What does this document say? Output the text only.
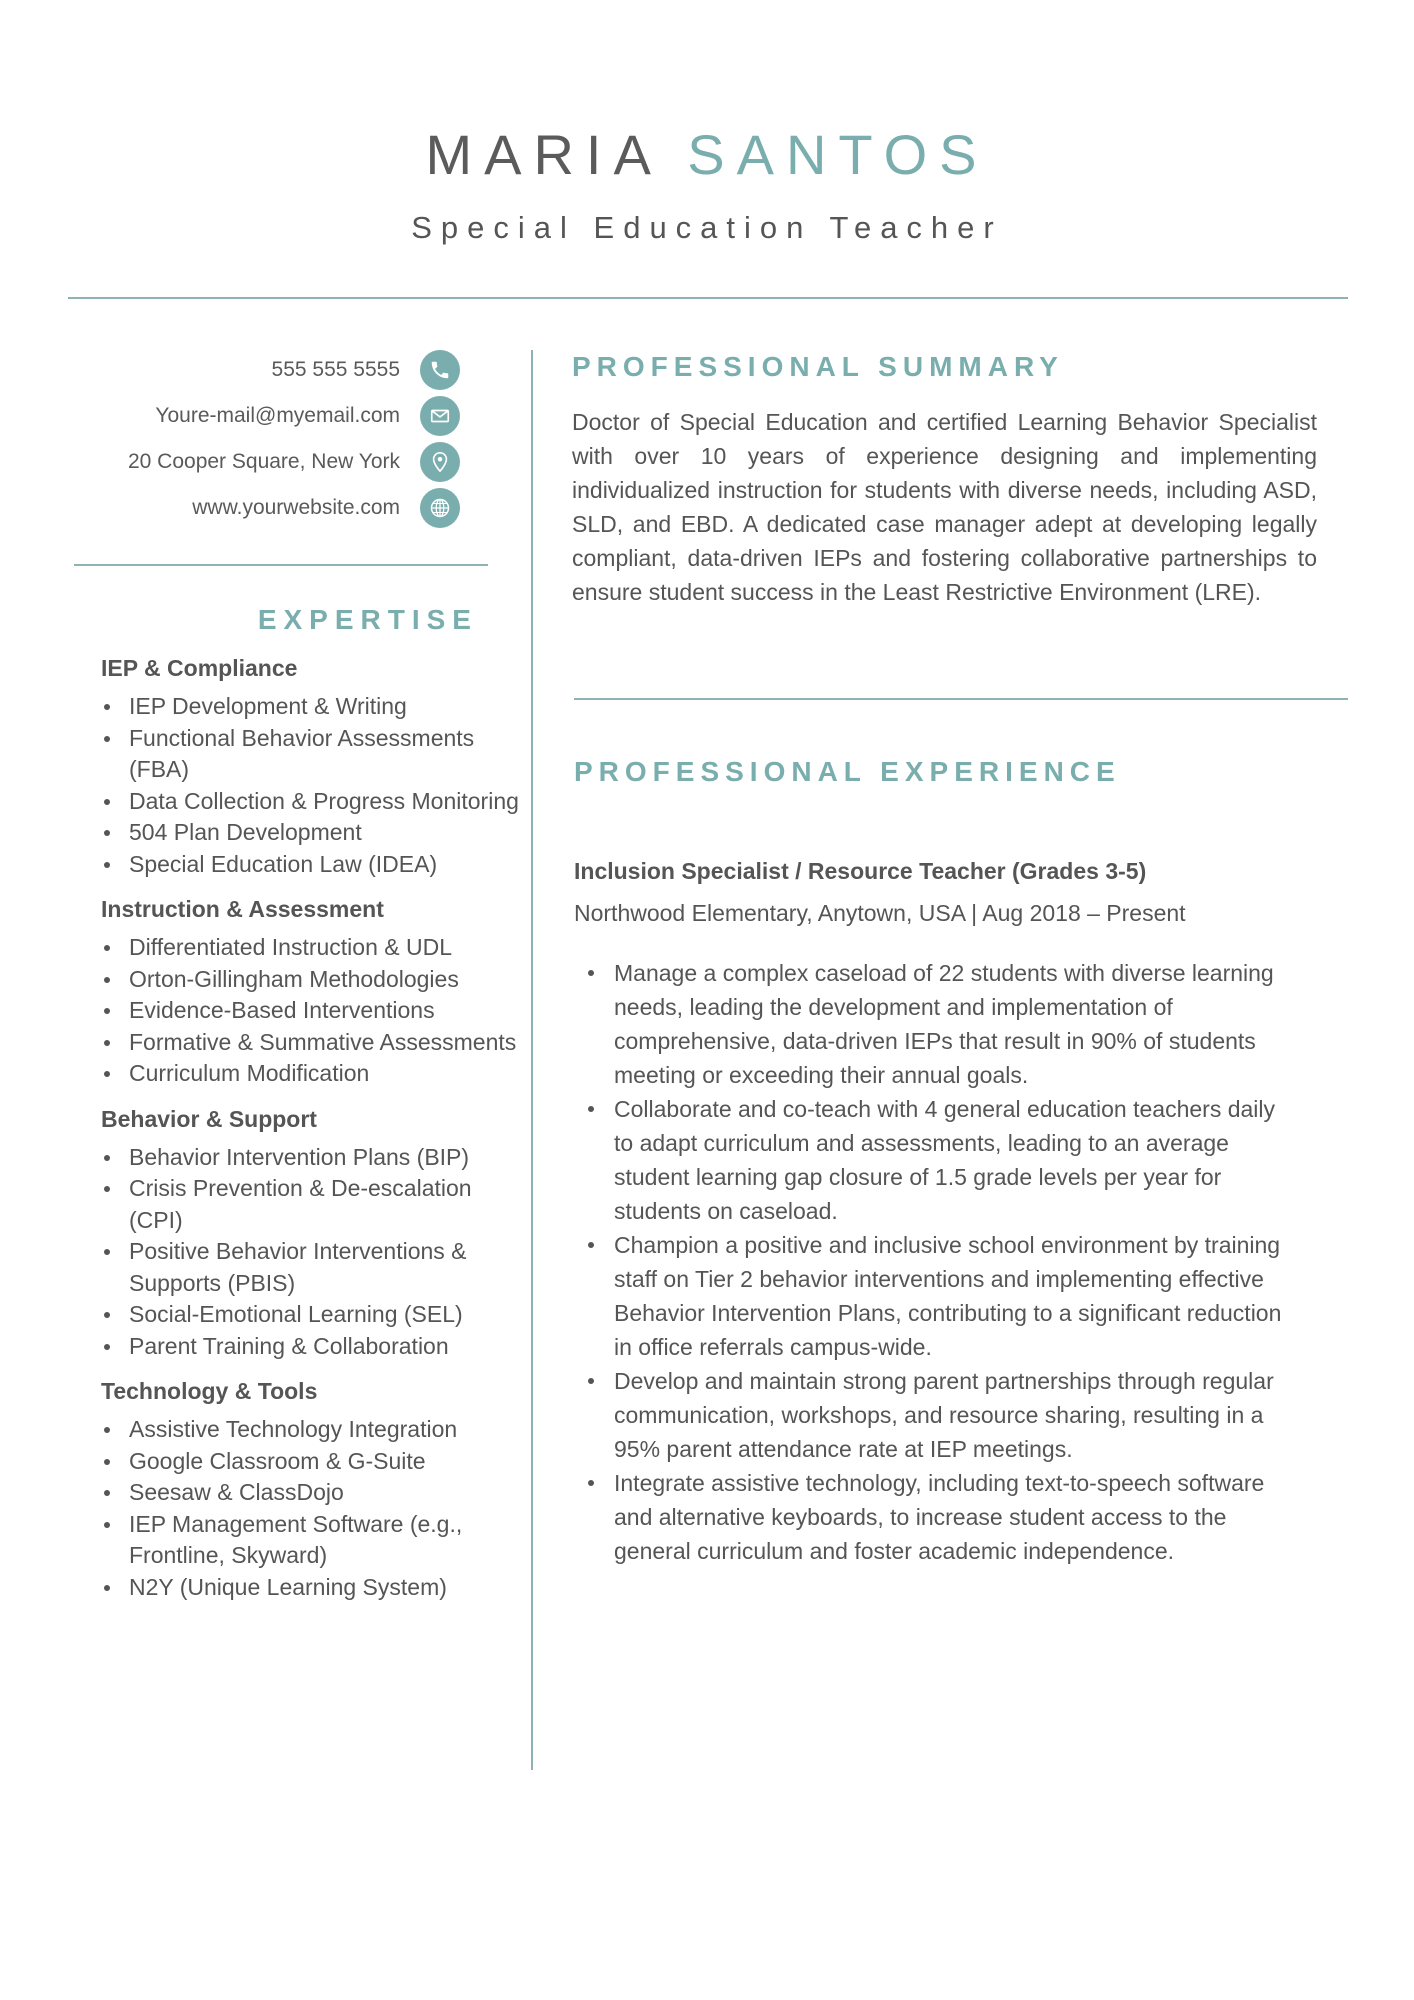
MARIA SANTOS
Special Education Teacher
555 555 5555
Youre-mail@myemail.com
20 Cooper Square, New York
www.yourwebsite.com
EXPERTISE
IEP & Compliance
IEP Development & Writing
Functional Behavior Assessments (FBA)
Data Collection & Progress Monitoring
504 Plan Development
Special Education Law (IDEA)
Instruction & Assessment
Differentiated Instruction & UDL
Orton-Gillingham Methodologies
Evidence-Based Interventions
Formative & Summative Assessments
Curriculum Modification
Behavior & Support
Behavior Intervention Plans (BIP)
Crisis Prevention & De-escalation (CPI)
Positive Behavior Interventions & Supports (PBIS)
Social-Emotional Learning (SEL)
Parent Training & Collaboration
Technology & Tools
Assistive Technology Integration
Google Classroom & G-Suite
Seesaw & ClassDojo
IEP Management Software (e.g., Frontline, Skyward)
N2Y (Unique Learning System)
PROFESSIONAL SUMMARY

Doctor of Special Education and certified Learning Behavior Specialist with over 10 years of experience designing and implementing individualized instruction for students with diverse needs, including ASD, SLD, and EBD. A dedicated case manager adept at developing legally compliant, data-driven IEPs and fostering collaborative partnerships to ensure student success in the Least Restrictive Environment (LRE).

PROFESSIONAL EXPERIENCE
Inclusion Specialist / Resource Teacher (Grades 3-5)
Northwood Elementary, Anytown, USA | Aug 2018 – Present
Manage a complex caseload of 22 students with diverse learning needs, leading the development and implementation of comprehensive, data-driven IEPs that result in 90% of students meeting or exceeding their annual goals.
Collaborate and co-teach with 4 general education teachers daily to adapt curriculum and assessments, leading to an average student learning gap closure of 1.5 grade levels per year for students on caseload.
Champion a positive and inclusive school environment by training staff on Tier 2 behavior interventions and implementing effective Behavior Intervention Plans, contributing to a significant reduction in office referrals campus-wide.
Develop and maintain strong parent partnerships through regular communication, workshops, and resource sharing, resulting in a 95% parent attendance rate at IEP meetings.
Integrate assistive technology, including text-to-speech software and alternative keyboards, to increase student access to the general curriculum and foster academic independence.
